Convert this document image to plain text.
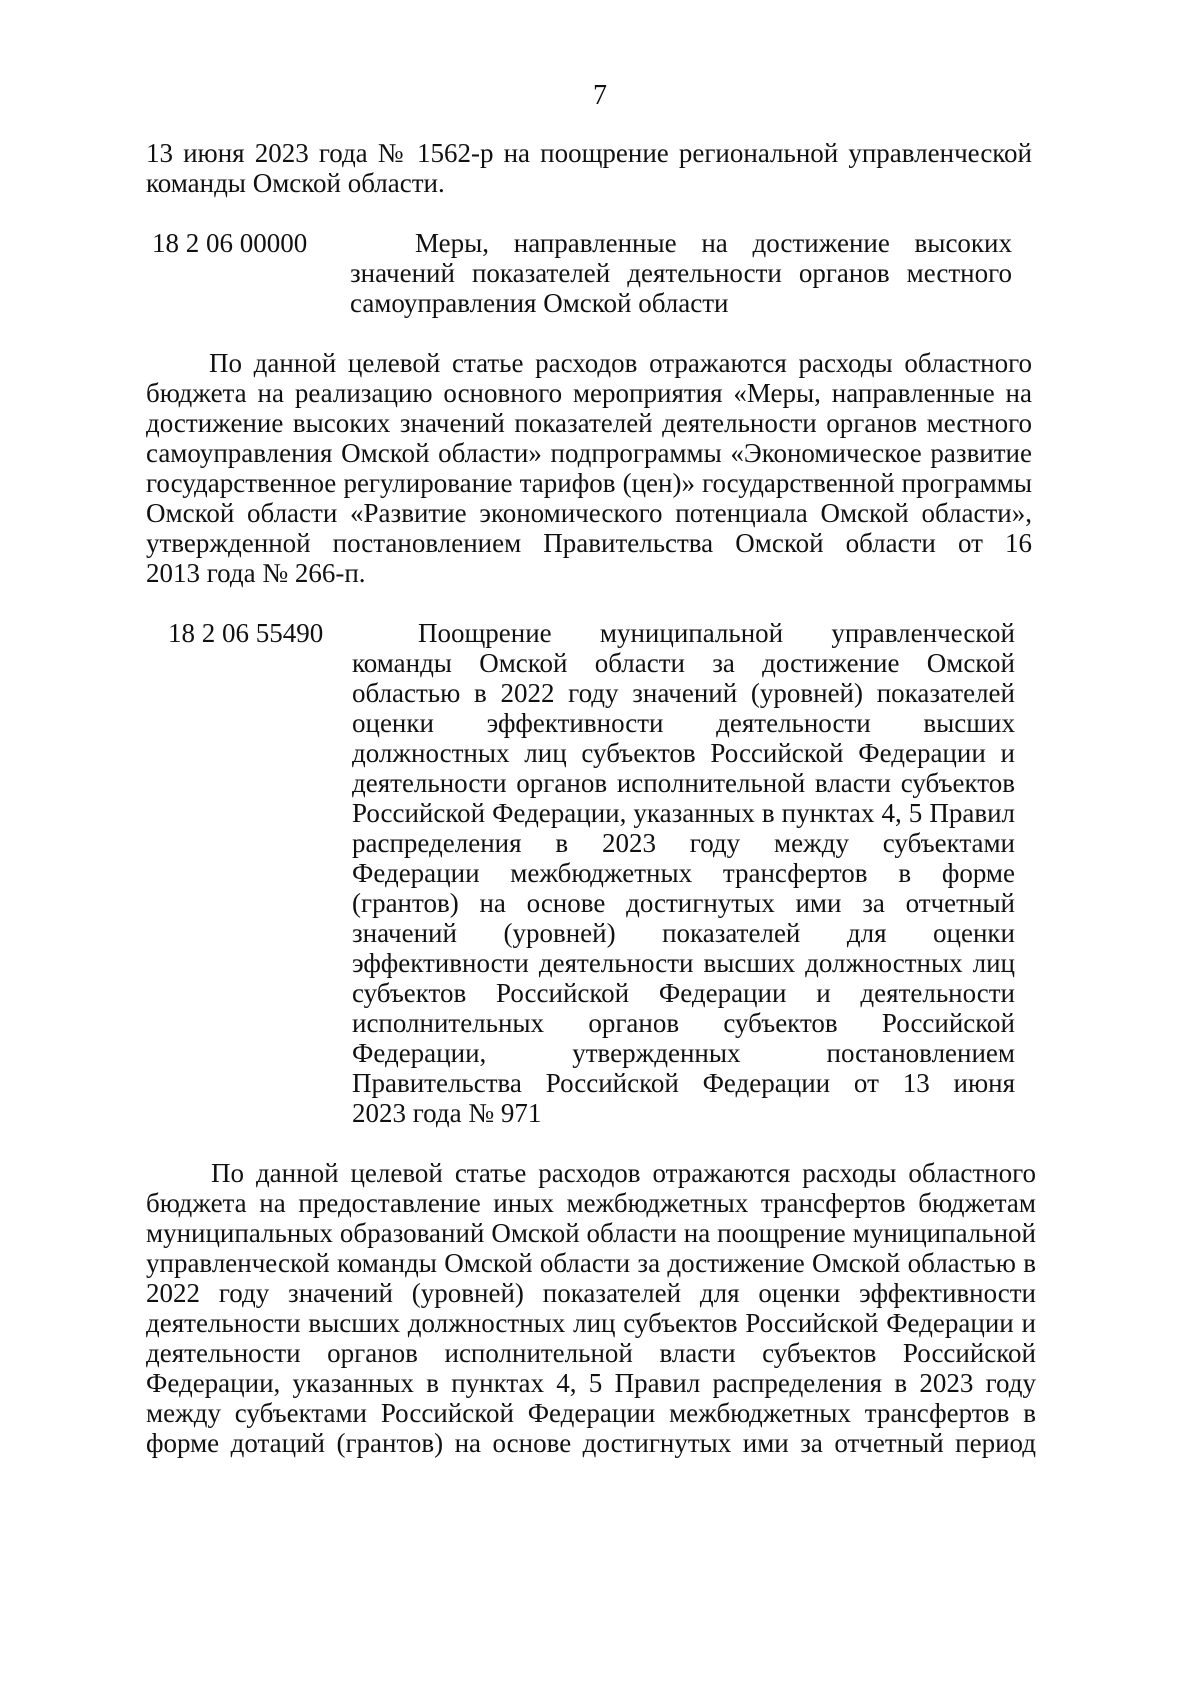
7
13 июня 2023 года № 1562-р на поощрение региональной управленческой
команды Омской области.
18 2 06 00000	Меры, направленные на достижение высоких
значений показателей деятельности органов местного
самоуправления Омской области
По данной целевой статье расходов отражаются расходы областного
бюджета на реализацию основного мероприятия «Меры, направленные на
достижение высоких значений показателей деятельности органов местного
самоуправления Омской области» подпрограммы «Экономическое развитие
государственное регулирование тарифов (цен)» государственной программы
Омской области «Развитие экономического потенциала Омской области»,
утвержденной постановлением Правительства Омской области от 16
2013 года № 266-п.
18 2 06 55490	Поощрение муниципальной управленческой
команды Омской области за достижение Омской
областью в 2022 году значений (уровней) показателей
оценки эффективности деятельности высших
должностных лиц субъектов Российской Федерации и
деятельности органов исполнительной власти субъектов
Российской Федерации, указанных в пунктах 4, 5 Правил
распределения в 2023 году между субъектами
Федерации межбюджетных трансфертов в форме
(грантов) на основе достигнутых ими за отчетный
значений (уровней) показателей для оценки
эффективности деятельности высших должностных лиц
субъектов Российской Федерации и деятельности
исполнительных органов субъектов Российской
Федерации, утвержденных постановлением
Правительства Российской Федерации от 13 июня
2023 года № 971
По данной целевой статье расходов отражаются расходы областного
бюджета на предоставление иных межбюджетных трансфертов бюджетам
муниципальных образований Омской области на поощрение муниципальной
управленческой команды Омской области за достижение Омской областью в
2022 году значений (уровней) показателей для оценки эффективности
деятельности высших должностных лиц субъектов Российской Федерации и
деятельности органов исполнительной власти субъектов Российской
Федерации, указанных в пунктах 4, 5 Правил распределения в 2023 году
между субъектами Российской Федерации межбюджетных трансфертов в
форме дотаций (грантов) на основе достигнутых ими за отчетный период
